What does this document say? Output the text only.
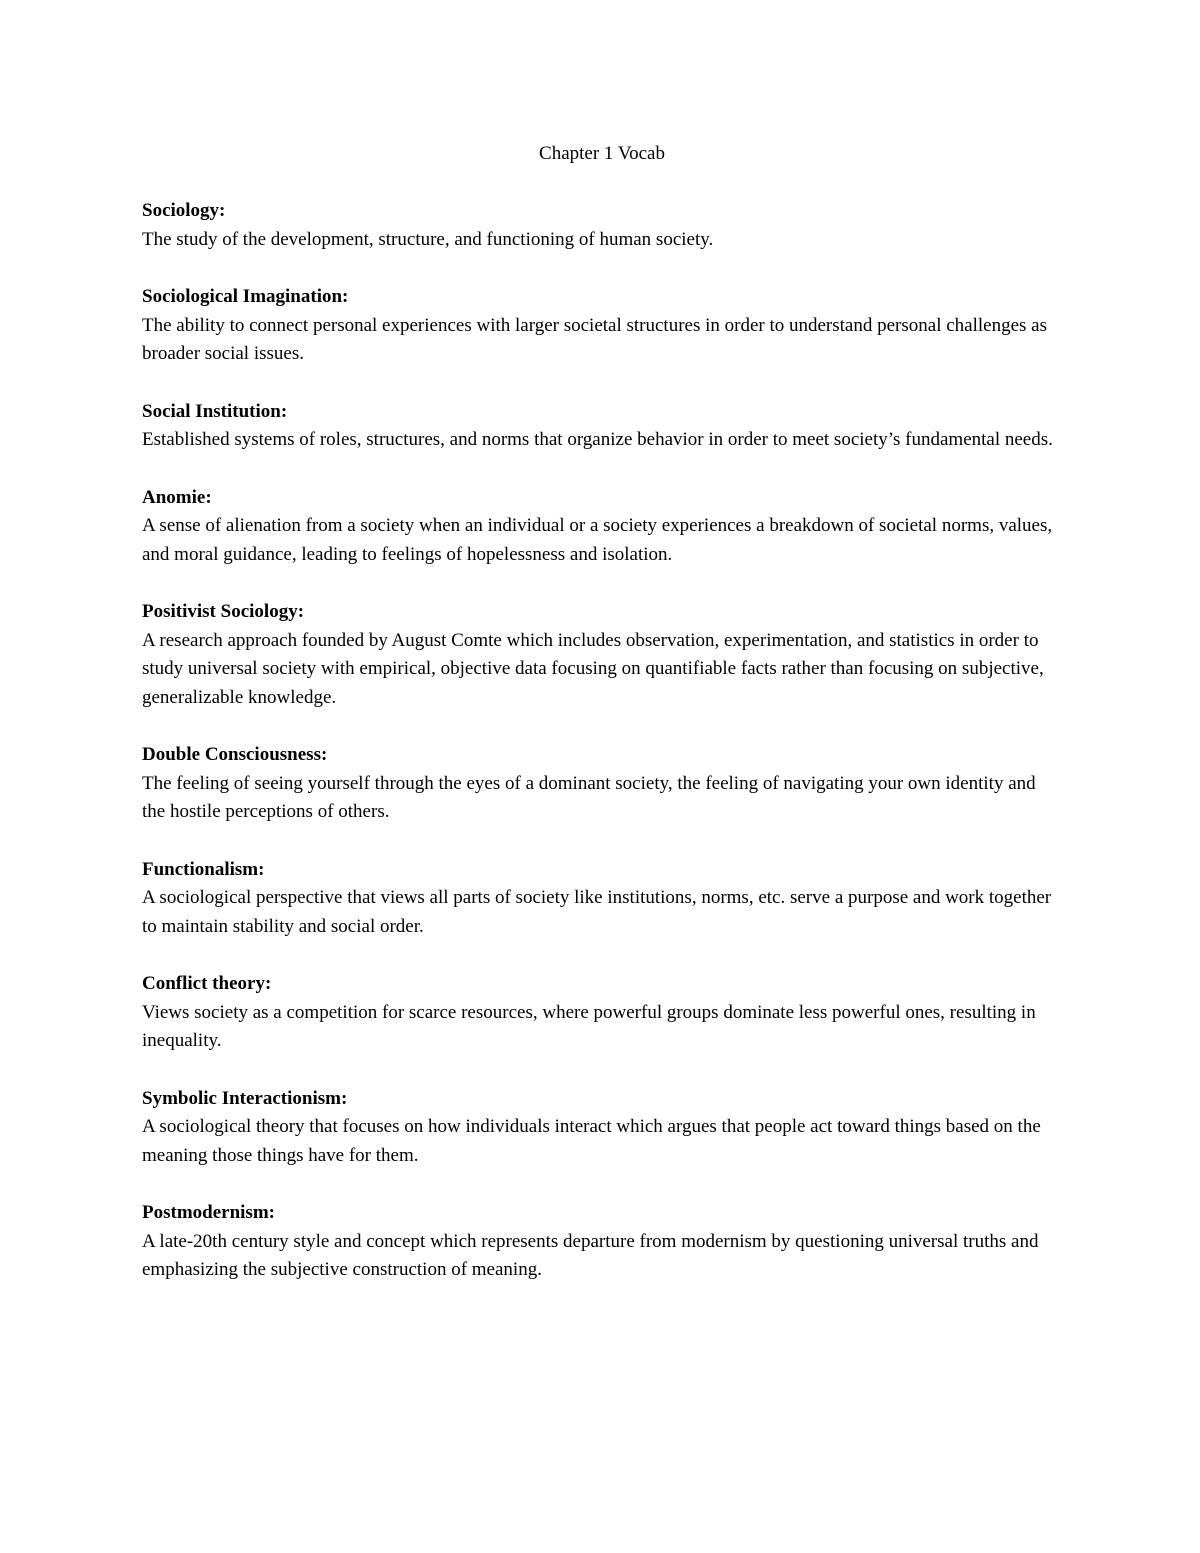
Chapter 1 Vocab

Sociology:

The study of the development, structure, and functioning of human society.

Sociological Imagination:

The ability to connect personal experiences with larger societal structures in order to understand personal challenges as broader social issues.

Social Institution:

Established systems of roles, structures, and norms that organize behavior in order to meet society’s fundamental needs.

Anomie:

A sense of alienation from a society when an individual or a society experiences a breakdown of societal norms, values, and moral guidance, leading to feelings of hopelessness and isolation.

Positivist Sociology:

A research approach founded by August Comte which includes observation, experimentation, and statistics in order to study universal society with empirical, objective data focusing on quantifiable facts rather than focusing on subjective, generalizable knowledge.

Double Consciousness:

The feeling of seeing yourself through the eyes of a dominant society, the feeling of navigating your own identity and the hostile perceptions of others.

Functionalism:

A sociological perspective that views all parts of society like institutions, norms, etc. serve a purpose and work together to maintain stability and social order.

Conflict theory:

Views society as a competition for scarce resources, where powerful groups dominate less powerful ones, resulting in inequality.

Symbolic Interactionism:

A sociological theory that focuses on how individuals interact which argues that people act toward things based on the meaning those things have for them.

Postmodernism:

A late-20th century style and concept which represents departure from modernism by questioning universal truths and emphasizing the subjective construction of meaning.
